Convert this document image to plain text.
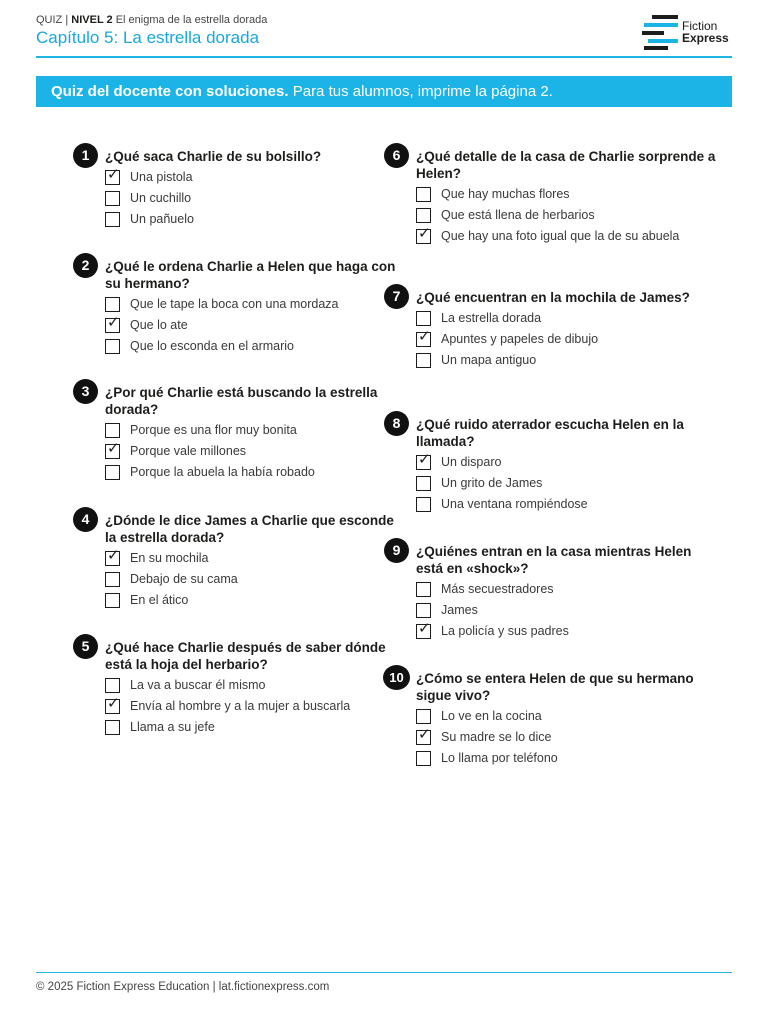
QUIZ | NIVEL 2 El enigma de la estrella dorada
Capítulo 5: La estrella dorada
Fiction
Express
Quiz del docente con soluciones. Para tus alumnos, imprime la página 2.
1	¿Qué saca Charlie de su bolsillo?
✓ Una pistola
Un cuchillo
Un pañuelo
2	¿Qué le ordena Charlie a Helen que haga con su hermano?
Que le tape la boca con una mordaza
✓ Que lo ate
Que lo esconda en el armario
3	¿Por qué Charlie está buscando la estrella dorada?
Porque es una flor muy bonita
✓ Porque vale millones
Porque la abuela la había robado
4	¿Dónde le dice James a Charlie que esconde la estrella dorada?
✓ En su mochila
Debajo de su cama
En el ático
5	¿Qué hace Charlie después de saber dónde está la hoja del herbario?
La va a buscar él mismo
✓ Envía al hombre y a la mujer a buscarla
Llama a su jefe
6	¿Qué detalle de la casa de Charlie sorprende a Helen?
Que hay muchas flores
Que está llena de herbarios
✓ Que hay una foto igual que la de su abuela
7	¿Qué encuentran en la mochila de James?
La estrella dorada
✓ Apuntes y papeles de dibujo
Un mapa antiguo
8	¿Qué ruido aterrador escucha Helen en la llamada?
✓ Un disparo
Un grito de James
Una ventana rompiéndose
9	¿Quiénes entran en la casa mientras Helen está en «shock»?
Más secuestradores
James
✓ La policía y sus padres
10 ¿Cómo se entera Helen de que su hermano sigue vivo?
Lo ve en la cocina
✓ Su madre se lo dice
Lo llama por teléfono
© 2025 Fiction Express Education | lat.fictionexpress.com
